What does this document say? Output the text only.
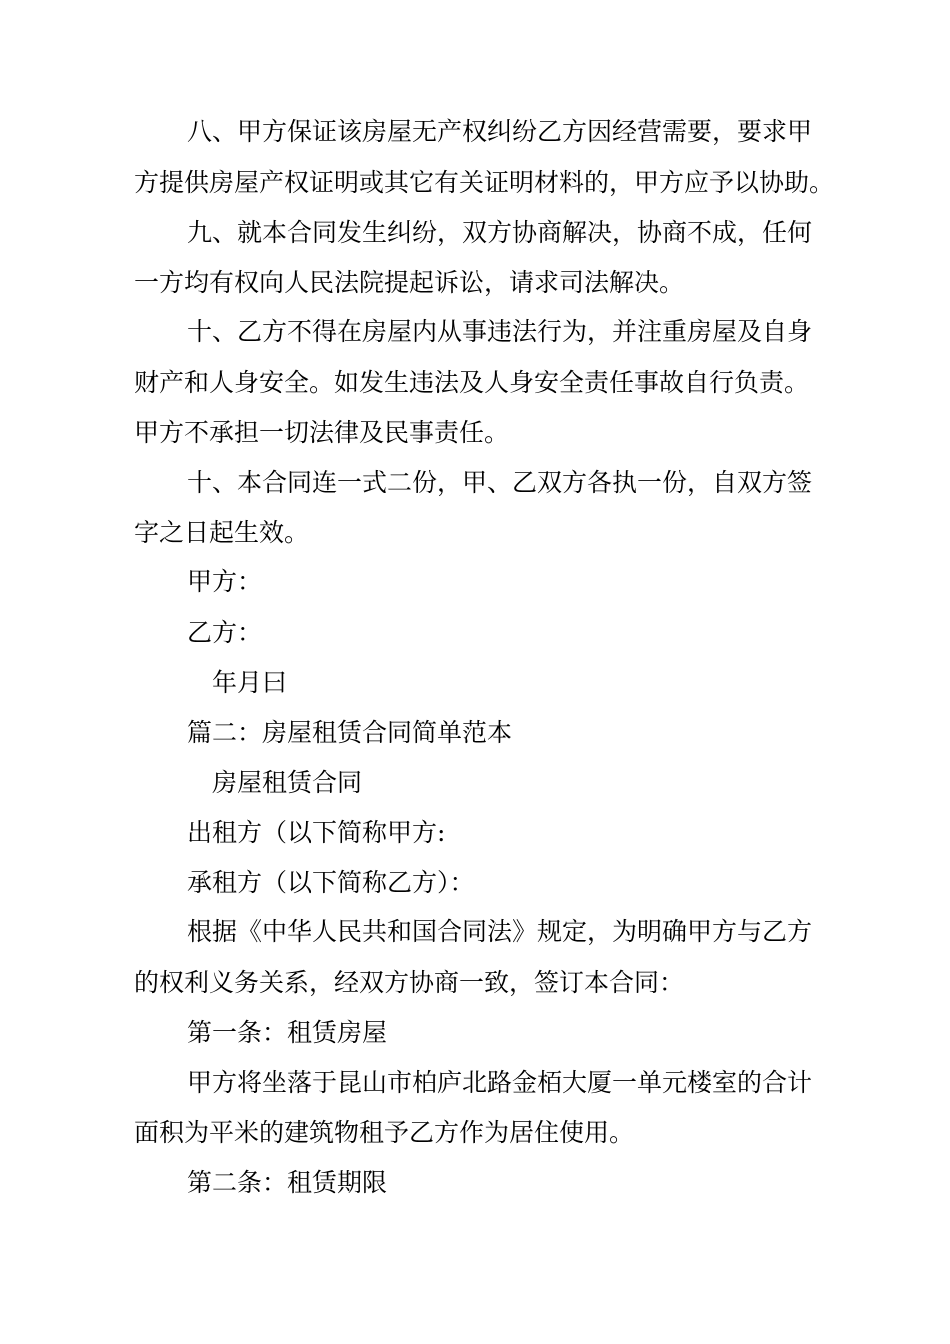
八、甲方保证该房屋无产权纠纷乙方因经营需要，要求甲
方提供房屋产权证明或其它有关证明材料的，甲方应予以协助。
九、就本合同发生纠纷，双方协商解决，协商不成，任何
一方均有权向人民法院提起诉讼，请求司法解决。
十、乙方不得在房屋内从事违法行为，并注重房屋及自身
财产和人身安全。如发生违法及人身安全责任事故自行负责。
甲方不承担一切法律及民事责任。
十、本合同连一式二份，甲、乙双方各执一份，自双方签
字之日起生效。
甲方：
乙方：
年月曰
篇二：房屋租赁合同简单范本
房屋租赁合同
出租方（以下简称甲方:
承租方（以下简称乙方）：
根据《中华人民共和国合同法》规定，为明确甲方与乙方
的权利义务关系，经双方协商一致，签订本合同：
第一条：租赁房屋
甲方将坐落于昆山市柏庐北路金栢大厦一单元楼室的合计
面积为平米的建筑物租予乙方作为居住使用。
第二条：租赁期限
